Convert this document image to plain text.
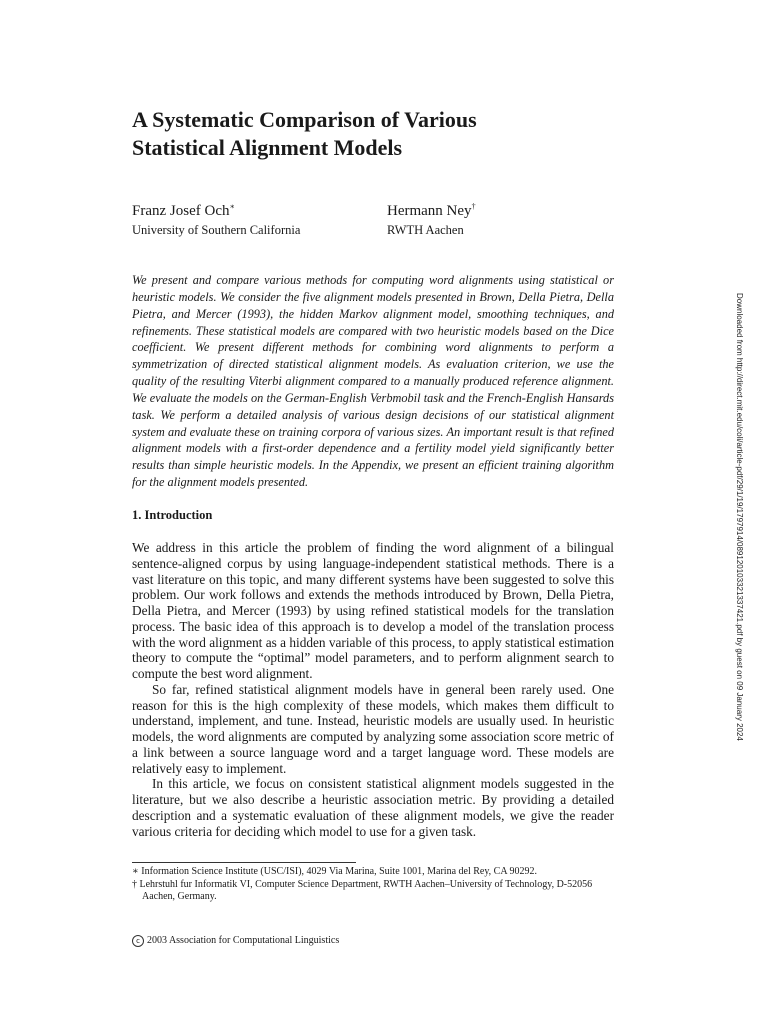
A Systematic Comparison of Various
Statistical Alignment Models
Franz Josef Och∗
University of Southern California
Hermann Ney†
RWTH Aachen

We present and compare various methods for computing word alignments using statistical or heuristic models. We consider the five alignment models presented in Brown, Della Pietra, Della Pietra, and Mercer (1993), the hidden Markov alignment model, smoothing techniques, and refinements. These statistical models are compared with two heuristic models based on the Dice coefficient. We present different methods for combining word alignments to perform a symmetrization of directed statistical alignment models. As evaluation criterion, we use the quality of the resulting Viterbi alignment compared to a manually produced reference alignment. We evaluate the models on the German-English Verbmobil task and the French-English Hansards task. We perform a detailed analysis of various design decisions of our statistical alignment system and evaluate these on training corpora of various sizes. An important result is that refined alignment models with a first-order dependence and a fertility model yield significantly better results than simple heuristic models. In the Appendix, we present an efficient training algorithm for the alignment models presented.

1. Introduction

We address in this article the problem of finding the word alignment of a bilingual sentence-aligned corpus by using language-independent statistical methods. There is a vast literature on this topic, and many different systems have been suggested to solve this problem. Our work follows and extends the methods introduced by Brown, Della Pietra, Della Pietra, and Mercer (1993) by using refined statistical models for the translation process. The basic idea of this approach is to develop a model of the translation process with the word alignment as a hidden variable of this process, to apply statistical estimation theory to compute the “optimal” model parameters, and to perform alignment search to compute the best word alignment.

So far, refined statistical alignment models have in general been rarely used. One reason for this is the high complexity of these models, which makes them difficult to understand, implement, and tune. Instead, heuristic models are usually used. In heuristic models, the word alignments are computed by analyzing some association score metric of a link between a source language word and a target language word. These models are relatively easy to implement.

In this article, we focus on consistent statistical alignment models suggested in the literature, but we also describe a heuristic association metric. By providing a detailed description and a systematic evaluation of these alignment models, we give the reader various criteria for deciding which model to use for a given task.

∗ Information Science Institute (USC/ISI), 4029 Via Marina, Suite 1001, Marina del Rey, CA 90292.
† Lehrstuhl fur Informatik VI, Computer Science Department, RWTH Aachen–University of Technology, D-52056 Aachen, Germany.
c 2003 Association for Computational Linguistics
Downloaded from http://direct.mit.edu/coli/article-pdf/29/1/19/1797914/089120103321337421.pdf by guest on 09 January 2024
